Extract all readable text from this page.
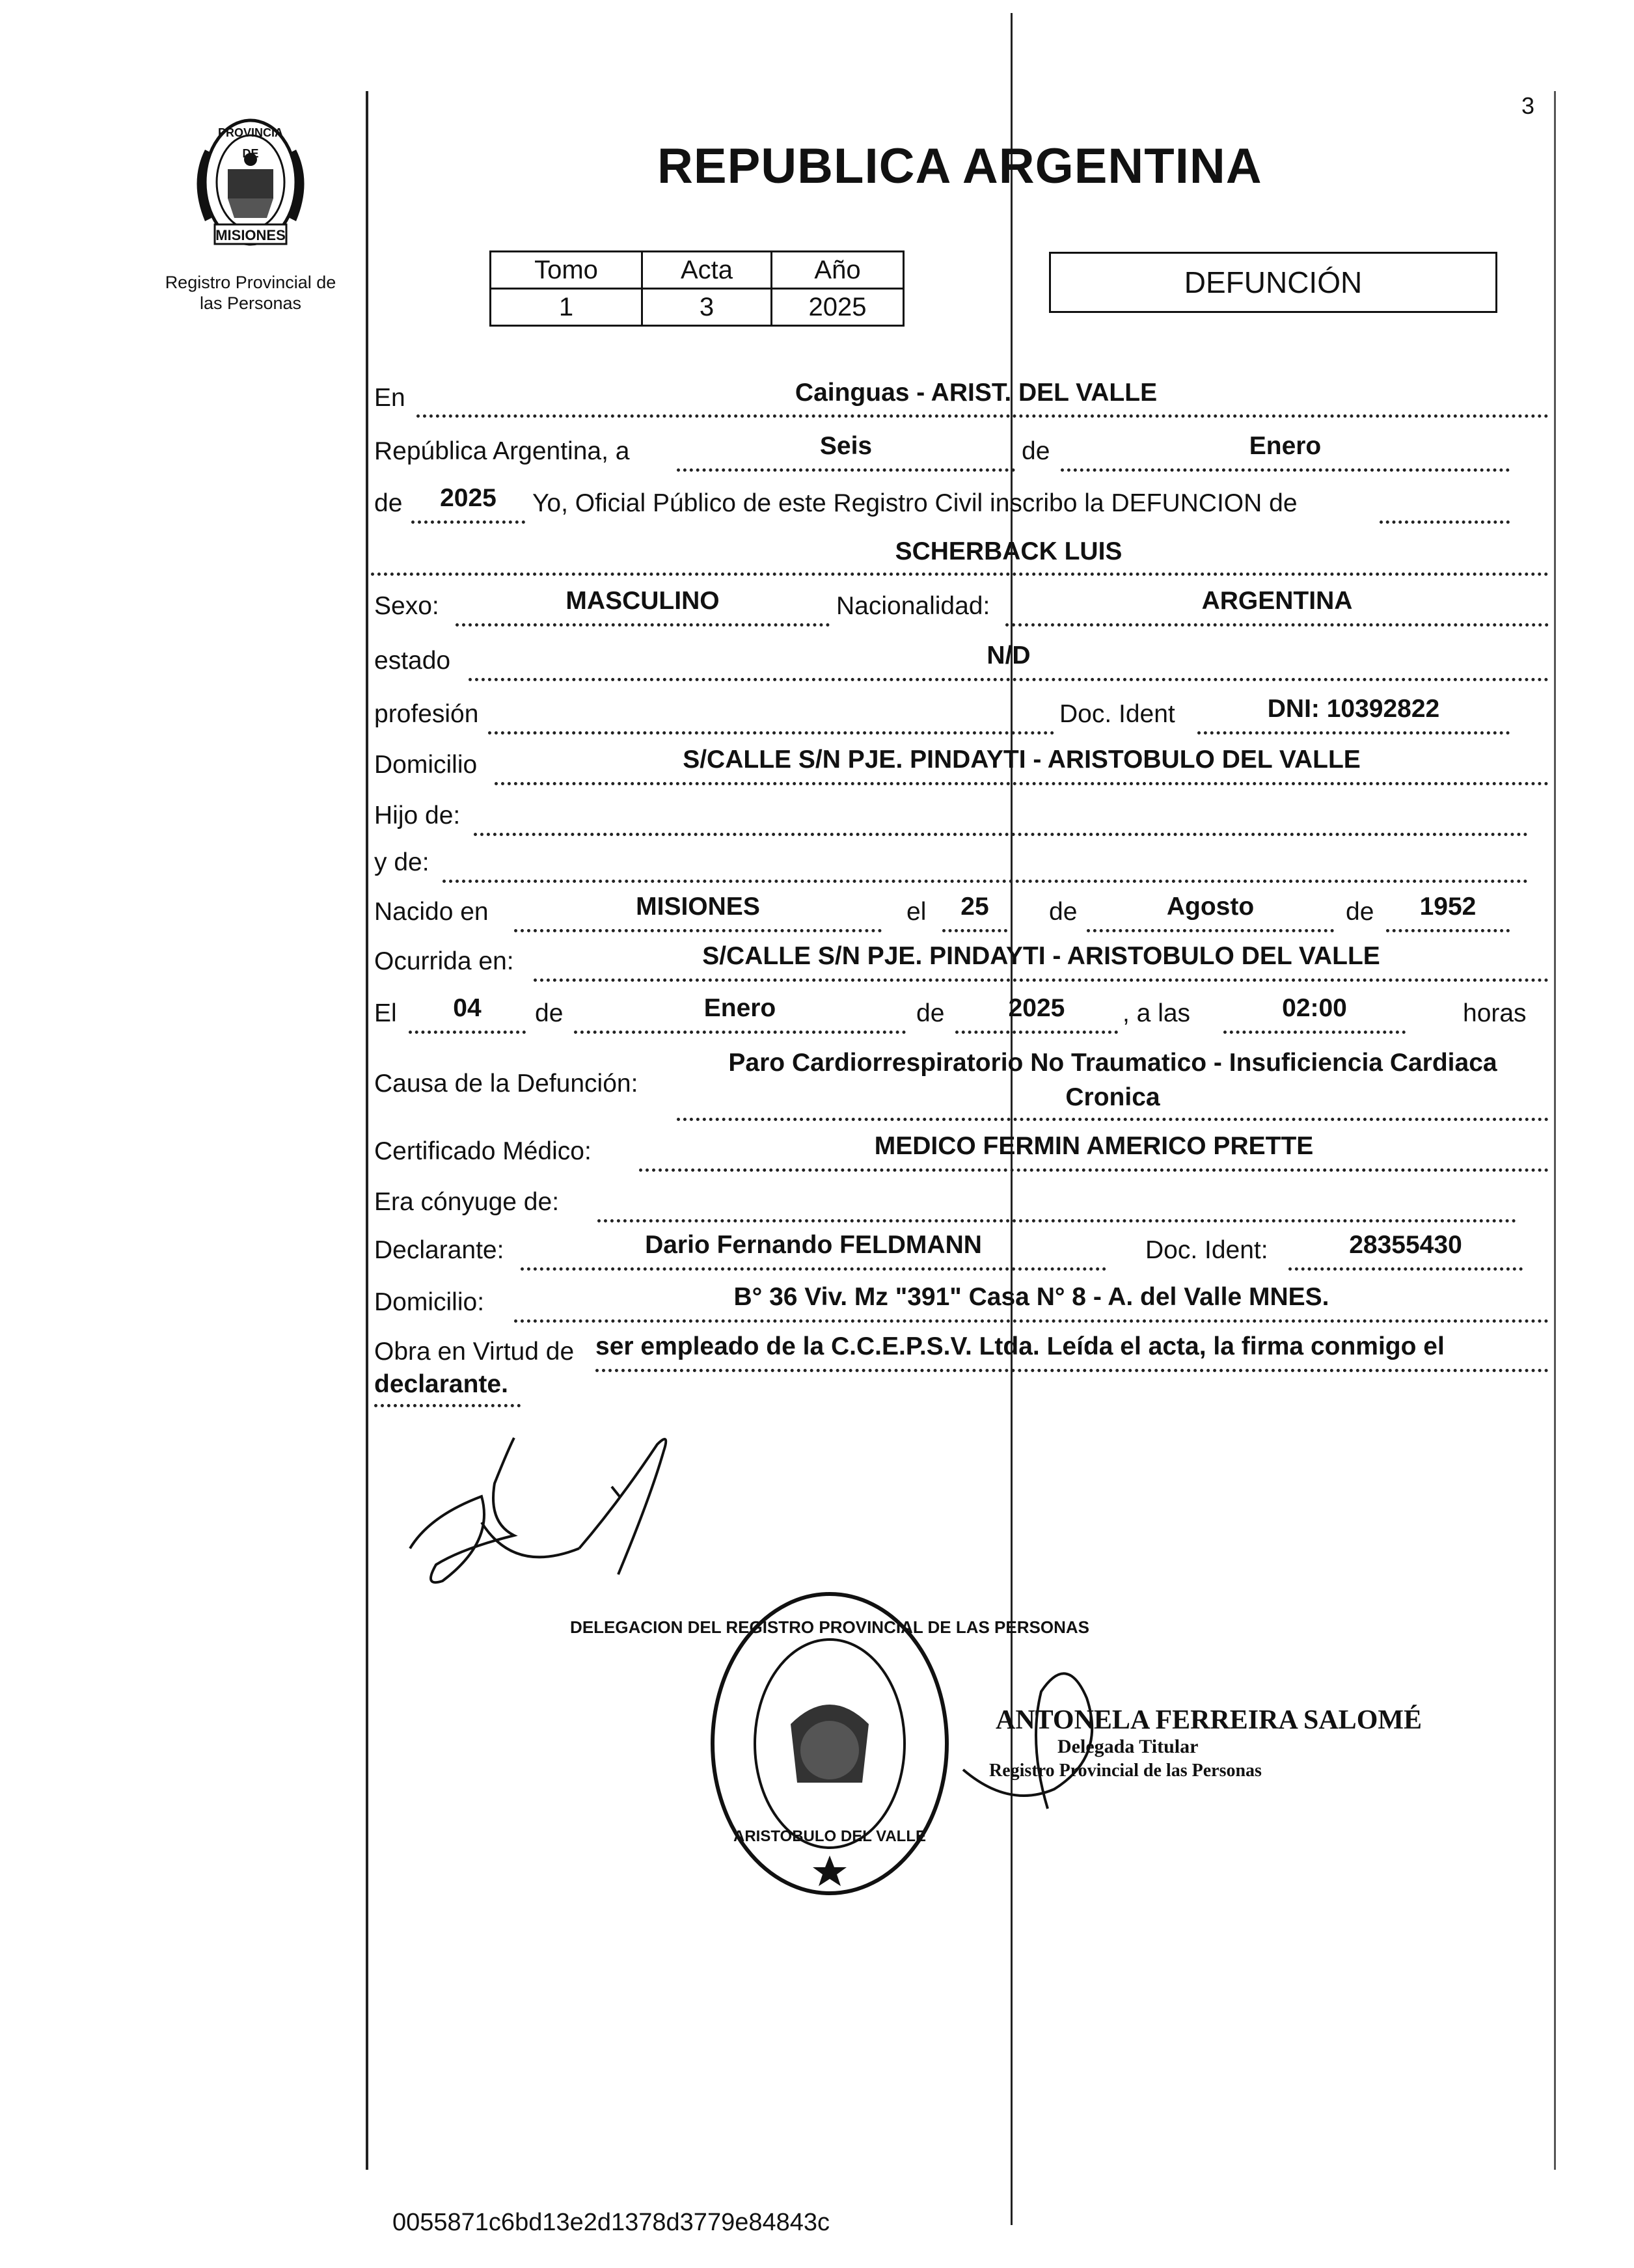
PROVINCIA DE
MISIONES
Registro Provincial de
las Personas
3
REPUBLICA ARGENTINA
Tomo	Acta	Año
1	3	2025
DEFUNCIÓN
En	Cainguas - ARIST. DEL VALLE
República Argentina, a	Seis	de	Enero
de	2025	Yo, Oficial Público de este Registro Civil inscribo la DEFUNCION de
SCHERBACK LUIS
Sexo:	MASCULINO	Nacionalidad:	ARGENTINA
estado	N/D
profesión	Doc. Ident	DNI: 10392822
Domicilio	S/CALLE S/N PJE. PINDAYTI - ARISTOBULO DEL VALLE
Hijo de:
y de:
Nacido en	MISIONES	el	25	de	Agosto	de	1952
Ocurrida en:	S/CALLE S/N PJE. PINDAYTI - ARISTOBULO DEL VALLE
El	04	de	Enero	de	2025	, a las	02:00	horas
Causa de la Defunción:
Paro Cardiorrespiratorio No Traumatico - Insuficiencia Cardiaca
Cronica
Certificado Médico:	MEDICO FERMIN AMERICO PRETTE
Era cónyuge de:
Declarante:	Dario Fernando FELDMANN	Doc. Ident:	28355430
Domicilio:	B° 36 Viv. Mz "391" Casa N° 8 - A. del Valle MNES.
Obra en Virtud de ser empleado de la C.C.E.P.S.V. Ltda. Leída el acta, la firma conmigo el
declarante.
DELEGACION DEL REGISTRO PROVINCIAL DE LAS PERSONAS
ARISTOBULO DEL VALLE
ANTONELA FERREIRA SALOMÉ
Delegada Titular
Registro Provincial de las Personas
0055871c6bd13e2d1378d3779e84843c
